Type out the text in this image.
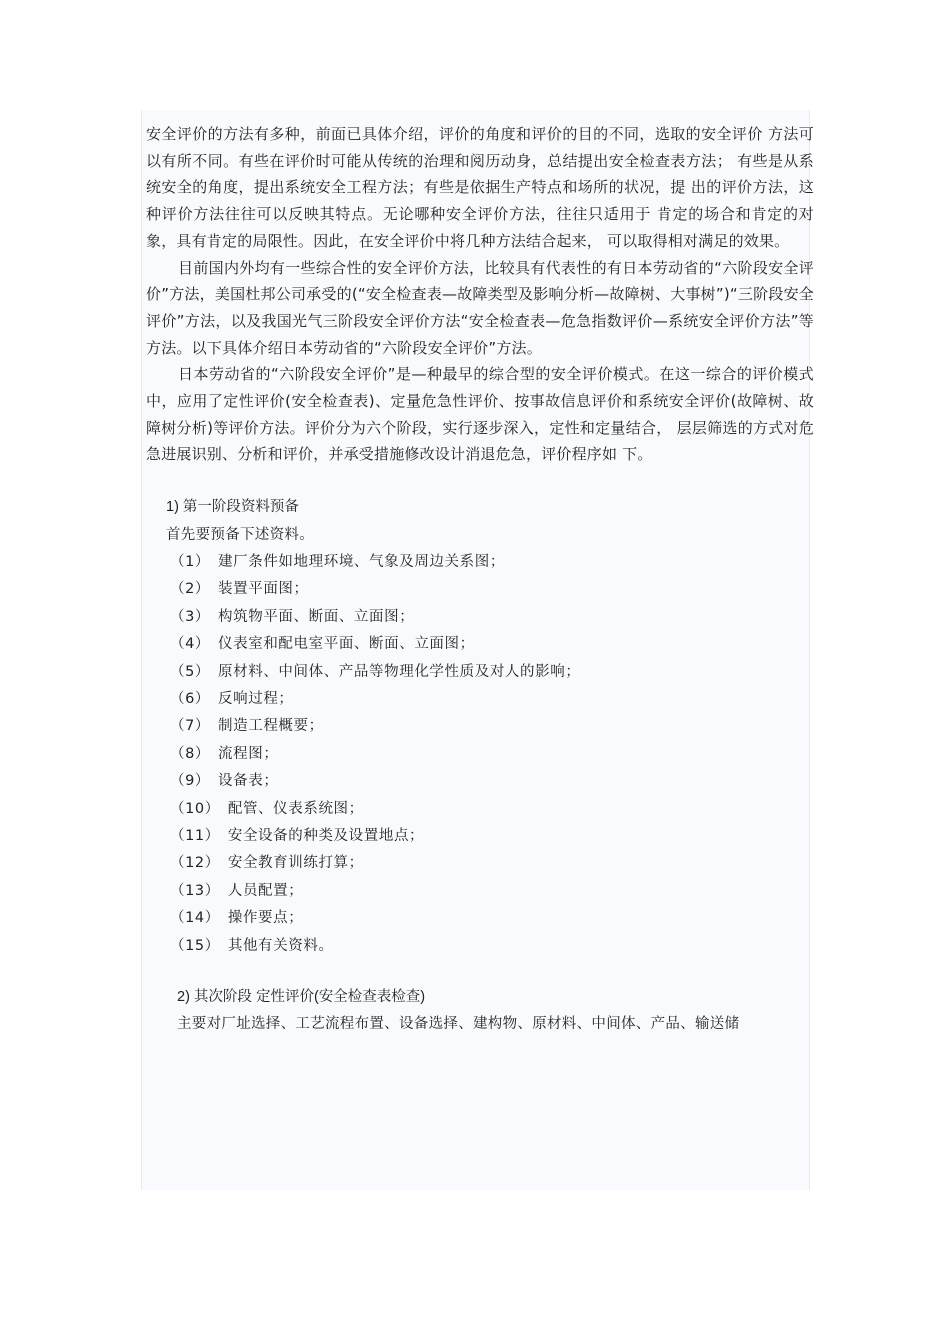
安全评价的方法有多种，前面已具体介绍，评价的角度和评价的目的不同，选取的安全评价 方法可以有所不同。有些在评价时可能从传统的治理和阅历动身，总结提出安全检查表方法； 有些是从系统安全的角度，提出系统安全工程方法；有些是依据生产特点和场所的状况，提 出的评价方法，这种评价方法往往可以反映其特点。无论哪种安全评价方法，往往只适用于 肯定的场合和肯定的对象，具有肯定的局限性。因此，在安全评价中将几种方法结合起来， 可以取得相对满足的效果。

目前国内外均有一些综合性的安全评价方法，比较具有代表性的有日本劳动省的“六阶段安全评价”方法，美国杜邦公司承受的(“安全检查表—故障类型及影响分析—故障树、大事树”)“三阶段安全评价”方法，以及我国光气三阶段安全评价方法“安全检查表—危急指数评价—系统安全评价方法”等方法。以下具体介绍日本劳动省的“六阶段安全评价”方法。

日本劳动省的“六阶段安全评价”是—种最早的综合型的安全评价模式。在这一综合的评价模式中，应用了定性评价(安全检查表)、定量危急性评价、按事故信息评价和系统安全评价(故障树、故障树分析)等评价方法。评价分为六个阶段，实行逐步深入，定性和定量结合， 层层筛选的方式对危急进展识别、分析和评价，并承受措施修改设计消退危急，评价程序如 下。

1) 第一阶段资料预备

首先要预备下述资料。

（1） 建厂条件如地理环境、气象及周边关系图；
（2） 装置平面图；
（3） 构筑物平面、断面、立面图；
（4） 仪表室和配电室平面、断面、立面图；
（5） 原材料、中间体、产品等物理化学性质及对人的影响；
（6） 反响过程；
（7） 制造工程概要；
（8） 流程图；
（9） 设备表；
（10） 配管、仪表系统图；
（11） 安全设备的种类及设置地点；
（12） 安全教育训练打算；
（13） 人员配置；
（14） 操作要点；
（15） 其他有关资料。

2) 其次阶段 定性评价(安全检查表检查)

主要对厂址选择、工艺流程布置、设备选择、建构物、原材料、中间体、产品、输送储
